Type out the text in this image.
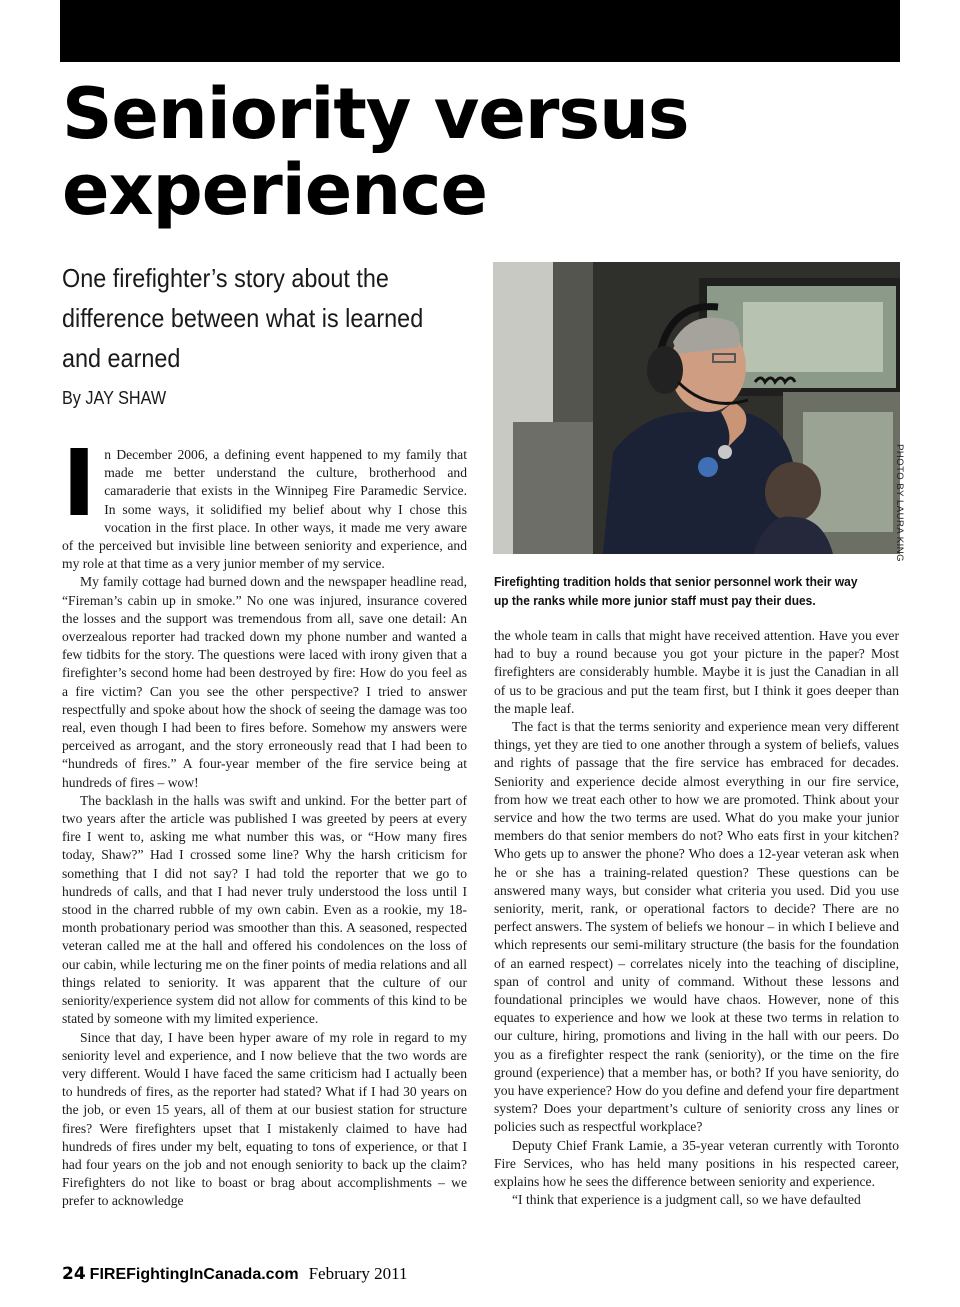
Seniority versus experience
One firefighter’s story about the difference between what is learned and earned
By JAY SHAW
PHOTO BY LAURA KING
Firefighting tradition holds that senior personnel work their way up the ranks while more junior staff must pay their dues.

In December 2006, a defining event happened to my family that made me better understand the culture, brotherhood and camaraderie that exists in the Winnipeg Fire Paramedic Service. In some ways, it solidified my belief about why I chose this vocation in the first place. In other ways, it made me very aware of the perceived but invisible line between seniority and experience, and my role at that time as a very junior member of my service.

My family cottage had burned down and the newspaper headline read, “Fireman’s cabin up in smoke.” No one was injured, insurance covered the losses and the support was tremendous from all, save one detail: An overzealous reporter had tracked down my phone number and wanted a few tidbits for the story. The questions were laced with irony given that a firefighter’s second home had been destroyed by fire: How do you feel as a fire victim? Can you see the other perspective? I tried to answer respectfully and spoke about how the shock of seeing the damage was too real, even though I had been to fires before. Somehow my answers were perceived as arrogant, and the story erroneously read that I had been to “hundreds of fires.” A four-year member of the fire service being at hundreds of fires – wow!

The backlash in the halls was swift and unkind. For the better part of two years after the article was published I was greeted by peers at every fire I went to, asking me what number this was, or “How many fires today, Shaw?” Had I crossed some line? Why the harsh criticism for something that I did not say? I had told the reporter that we go to hundreds of calls, and that I had never truly understood the loss until I stood in the charred rubble of my own cabin. Even as a rookie, my 18-month probationary period was smoother than this. A seasoned, respected veteran called me at the hall and offered his condolences on the loss of our cabin, while lecturing me on the finer points of media relations and all things related to seniority. It was apparent that the culture of our seniority/experience system did not allow for comments of this kind to be stated by someone with my limited experience.

Since that day, I have been hyper aware of my role in regard to my seniority level and experience, and I now believe that the two words are very different. Would I have faced the same criticism had I actually been to hundreds of fires, as the reporter had stated? What if I had 30 years on the job, or even 15 years, all of them at our busiest station for structure fires? Were firefighters upset that I mistakenly claimed to have had hundreds of fires under my belt, equating to tons of experience, or that I had four years on the job and not enough seniority to back up the claim? Firefighters do not like to boast or brag about accomplishments – we prefer to acknowledge

the whole team in calls that might have received attention. Have you ever had to buy a round because you got your picture in the paper? Most firefighters are considerably humble. Maybe it is just the Canadian in all of us to be gracious and put the team first, but I think it goes deeper than the maple leaf.

The fact is that the terms seniority and experience mean very different things, yet they are tied to one another through a system of beliefs, values and rights of passage that the fire service has embraced for decades. Seniority and experience decide almost everything in our fire service, from how we treat each other to how we are promoted. Think about your service and how the two terms are used. What do you make your junior members do that senior members do not? Who eats first in your kitchen? Who gets up to answer the phone? Who does a 12-year veteran ask when he or she has a training-related question? These questions can be answered many ways, but consider what criteria you used. Did you use seniority, merit, rank, or operational factors to decide? There are no perfect answers. The system of beliefs we honour – in which I believe and which represents our semi-military structure (the basis for the foundation of an earned respect) – correlates nicely into the teaching of discipline, span of control and unity of command. Without these lessons and foundational principles we would have chaos. However, none of this equates to experience and how we look at these two terms in relation to our culture, hiring, promotions and living in the hall with our peers. Do you as a firefighter respect the rank (seniority), or the time on the fire ground (experience) that a member has, or both? If you have seniority, do you have experience? How do you define and defend your fire department system? Does your department’s culture of seniority cross any lines or policies such as respectful workplace?

Deputy Chief Frank Lamie, a 35-year veteran currently with Toronto Fire Services, who has held many positions in his respected career, explains how he sees the difference between seniority and experience.

“I think that experience is a judgment call, so we have defaulted

24 FIREFightingInCanada.com February 2011
